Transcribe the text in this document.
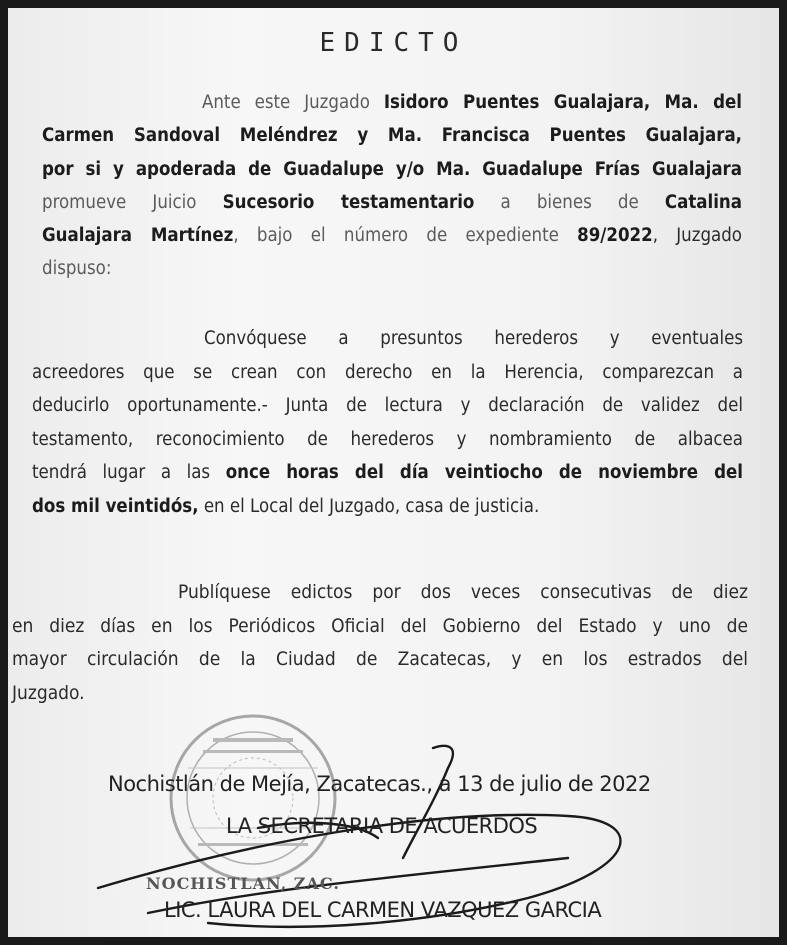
EDICTO
Ante este Juzgado Isidoro Puentes Gualajara, Ma. del
Carmen Sandoval Meléndrez y Ma. Francisca Puentes Gualajara,
por si y apoderada de Guadalupe y/o Ma. Guadalupe Frías Gualajara
promueve Juicio Sucesorio testamentario a bienes de Catalina
Gualajara Martínez, bajo el número de expediente 89/2022, Juzgado
dispuso:
Convóquese a presuntos herederos y eventuales
acreedores que se crean con derecho en la Herencia, comparezcan a
deducirlo oportunamente.- Junta de lectura y declaración de validez del
testamento, reconocimiento de herederos y nombramiento de albacea
tendrá lugar a las once horas del día veintiocho de noviembre del
dos mil veintidós, en el Local del Juzgado, casa de justicia.
Publíquese edictos por dos veces consecutivas de diez
en diez días en los Periódicos Oficial del Gobierno del Estado y uno de
mayor circulación de la Ciudad de Zacatecas, y en los estrados del
Juzgado.
NOCHISTLAN, ZAC.
Nochistlán de Mejía, Zacatecas., a 13 de julio de 2022
LA SECRETARIA DE ACUERDOS
LIC. LAURA DEL CARMEN VAZQUEZ GARCIA
